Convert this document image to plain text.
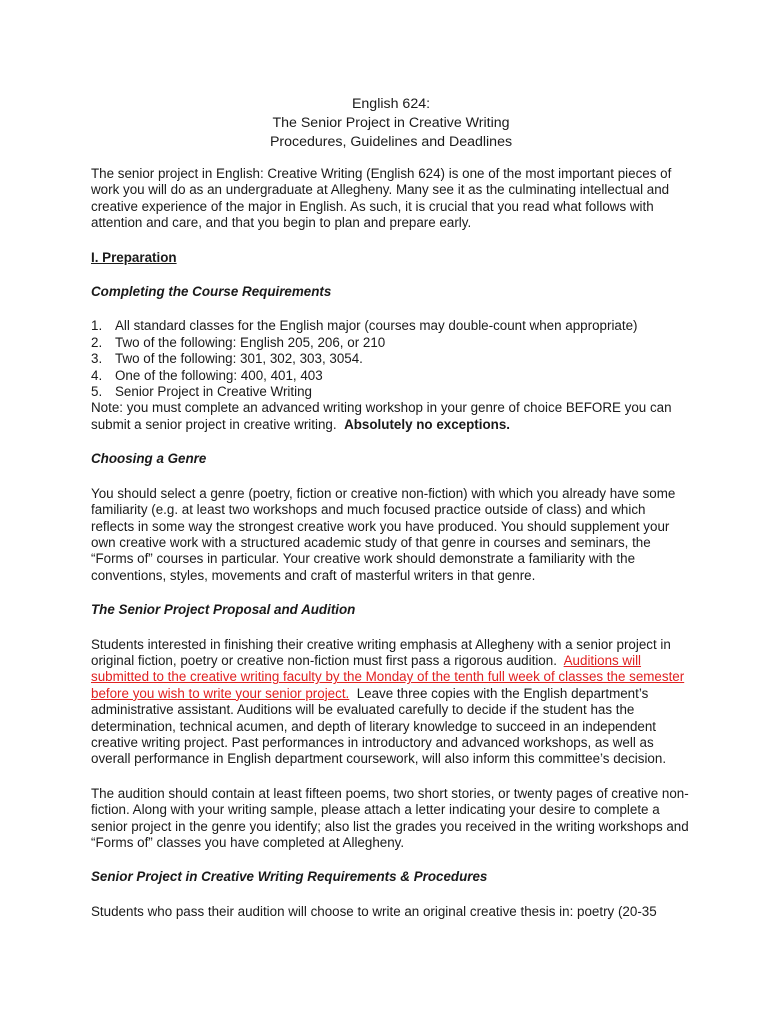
English 624:

The Senior Project in Creative Writing

Procedures, Guidelines and Deadlines

The senior project in English: Creative Writing (English 624) is one of the most important pieces of work you will do as an undergraduate at Allegheny. Many see it as the culminating intellectual and creative experience of the major in English. As such, it is crucial that you read what follows with attention and care, and that you begin to plan and prepare early.

I. Preparation

Completing the Course Requirements

1. All standard classes for the English major (courses may double-count when appropriate)
2. Two of the following: English 205, 206, or 210
3. Two of the following: 301, 302, 303, 3054.
4. One of the following: 400, 401, 403
5. Senior Project in Creative Writing

Note: you must complete an advanced writing workshop in your genre of choice BEFORE you can submit a senior project in creative writing. Absolutely no exceptions.

Choosing a Genre

You should select a genre (poetry, fiction or creative non-fiction) with which you already have some familiarity (e.g. at least two workshops and much focused practice outside of class) and which reflects in some way the strongest creative work you have produced. You should supplement your own creative work with a structured academic study of that genre in courses and seminars, the “Forms of” courses in particular. Your creative work should demonstrate a familiarity with the conventions, styles, movements and craft of masterful writers in that genre.

The Senior Project Proposal and Audition

Students interested in finishing their creative writing emphasis at Allegheny with a senior project in original fiction, poetry or creative non-fiction must first pass a rigorous audition. Auditions will submitted to the creative writing faculty by the Monday of the tenth full week of classes the semester before you wish to write your senior project. Leave three copies with the English department’s administrative assistant. Auditions will be evaluated carefully to decide if the student has the determination, technical acumen, and depth of literary knowledge to succeed in an independent creative writing project. Past performances in introductory and advanced workshops, as well as overall performance in English department coursework, will also inform this committee’s decision.

The audition should contain at least fifteen poems, two short stories, or twenty pages of creative non-fiction. Along with your writing sample, please attach a letter indicating your desire to complete a senior project in the genre you identify; also list the grades you received in the writing workshops and “Forms of” classes you have completed at Allegheny.

Senior Project in Creative Writing Requirements & Procedures

Students who pass their audition will choose to write an original creative thesis in: poetry (20-35
